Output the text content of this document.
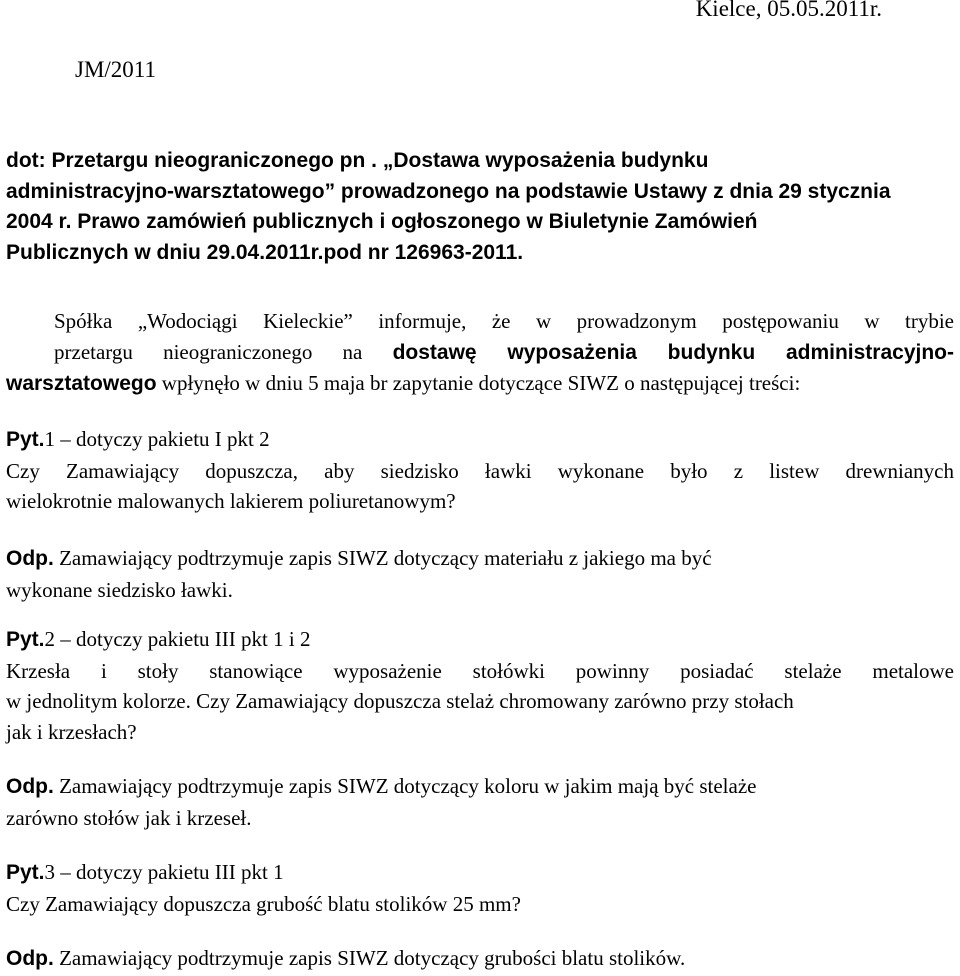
Kielce, 05.05.2011r.
JM/2011
dot: Przetargu nieograniczonego pn . „Dostawa wyposażenia budynku
administracyjno-warsztatowego” prowadzonego na podstawie Ustawy z dnia 29 stycznia
2004 r. Prawo zamówień publicznych i ogłoszonego w Biuletynie Zamówień
Publicznych w dniu 29.04.2011r.pod nr 126963-2011.
Spółka „Wodociągi Kieleckie” informuje, że w prowadzonym postępowaniu w trybie
przetargu nieograniczonego na dostawę wyposażenia budynku administracyjno-
warsztatowego wpłynęło w dniu 5 maja br zapytanie dotyczące SIWZ o następującej treści:
Pyt.1 – dotyczy pakietu I pkt 2
Czy Zamawiający dopuszcza, aby siedzisko ławki wykonane było z listew drewnianych
wielokrotnie malowanych lakierem poliuretanowym?
Odp. Zamawiający podtrzymuje zapis SIWZ dotyczący materiału z jakiego ma być
wykonane siedzisko ławki.
Pyt.2 – dotyczy pakietu III pkt 1 i 2
Krzesła i stoły stanowiące wyposażenie stołówki powinny posiadać stelaże metalowe
w jednolitym kolorze. Czy Zamawiający dopuszcza stelaż chromowany zarówno przy stołach
jak i krzesłach?
Odp. Zamawiający podtrzymuje zapis SIWZ dotyczący koloru w jakim mają być stelaże
zarówno stołów jak i krzeseł.
Pyt.3 – dotyczy pakietu III pkt 1
Czy Zamawiający dopuszcza grubość blatu stolików 25 mm?
Odp. Zamawiający podtrzymuje zapis SIWZ dotyczący grubości blatu stolików.
